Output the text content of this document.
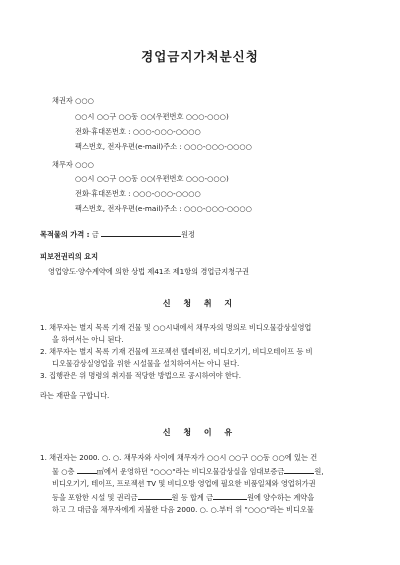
경업금지가처분신청
채권자 ○○○
○○시 ○○구 ○○동 ○○(우편번호 ○○○-○○○)
전화·휴대폰번호 : ○○○-○○○-○○○○
팩스번호, 전자우편(e-mail)주소 : ○○○-○○○-○○○○
채무자 ○○○
○○시 ○○구 ○○동 ○○(우편번호 ○○○-○○○)
전화·휴대폰번호 : ○○○-○○○-○○○○
팩스번호, 전자우편(e-mail)주소 : ○○○-○○○-○○○○
목적물의 가격 : 금	원정
피보전권리의 요지
영업양도·양수계약에 의한 상법 제41조 제1항의 경업금지청구권
신 청 취 지
1. 채무자는 별지 목록 기재 건물 및 ○○시내에서 채무자의 명의로 비디오물감상실영업
을 하여서는 아니 된다.
2. 채무자는 별지 목록 기재 건물에 프로젝션 텔레비전, 비디오기기, 비디오테이프 등 비
디오물감상실영업을 위한 시설물을 설치하여서는 아니 된다.
3. 집행관은 위 명령의 취지를 적당한 방법으로 공시하여야 한다.
라는 재판을 구합니다.
신 청 이 유
1. 채권자는 2000. ○. ○. 채무자와 사이에 채무자가 ○○시 ○○구 ○○동 ○○에 있는 건
물 ○층	㎡에서 운영하던 "○○○"라는 비디오물감상실을 임대보증금	원,
비디오기기, 테이프, 프로젝션 TV 및 비디오방 영업에 필요한 비품일체와 영업허가권
등을 포함한 시설 및 권리금	원 등 합계 금	원에 양수하는 계약을
하고 그 대금을 채무자에게 지불한 다음 2000. ○. ○.부터 위 "○○○"라는 비디오물
